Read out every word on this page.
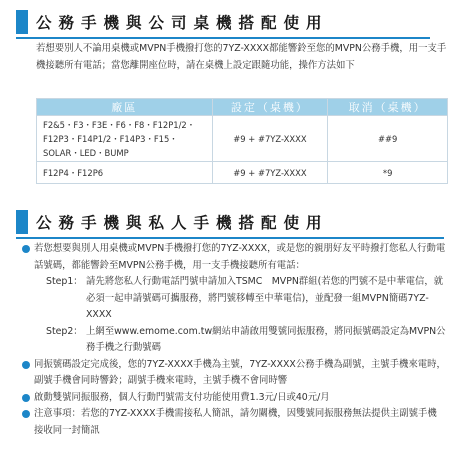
公務手機與公司桌機搭配使用
若想要別人不論用桌機或MVPN手機撥打您的7YZ-XXXX都能響鈴至您的MVPN公務手機，用一支手機接聽所有電話；當您離開座位時，請在桌機上設定跟隨功能，操作方法如下
廠區	設定（桌機）	取消（桌機）
F2&5・F3・F3E・F6・F8・F12P1/2・F12P3・F14P1/2・F14P3・F15・SOLAR・LED・BUMP	#9 + #7YZ-XXXX	##9
F12P4・F12P6	#9 + #7YZ-XXXX	*9
公務手機與私人手機搭配使用
若您想要與別人用桌機或MVPN手機撥打您的7YZ-XXXX，或是您的親朋好友平時撥打您私人行動電話號碼，都能響鈴至MVPN公務手機，用一支手機接聽所有電話：
Step1： 請先將您私人行動電話門號申請加入TSMC　MVPN群組(若您的門號不是中華電信，就必須一起申請號碼可攜服務，將門號移轉至中華電信)，並配發一組MVPN簡碼7YZ-XXXX
Step2： 上網至www.emome.com.tw網站申請啟用雙號同振服務，將同振號碼設定為MVPN公務手機之行動號碼
同振號碼設定完成後，您的7YZ-XXXX手機為主號，7YZ-XXXX公務手機為副號，主號手機來電時，副號手機會同時響鈴；副號手機來電時，主號手機不會同時響
啟動雙號同振服務，個人行動門號需支付功能使用費1.3元/日或40元/月
注意事項：若您的7YZ-XXXX手機需接私人簡訊，請勿關機，因雙號同振服務無法提供主副號手機接收同一封簡訊
